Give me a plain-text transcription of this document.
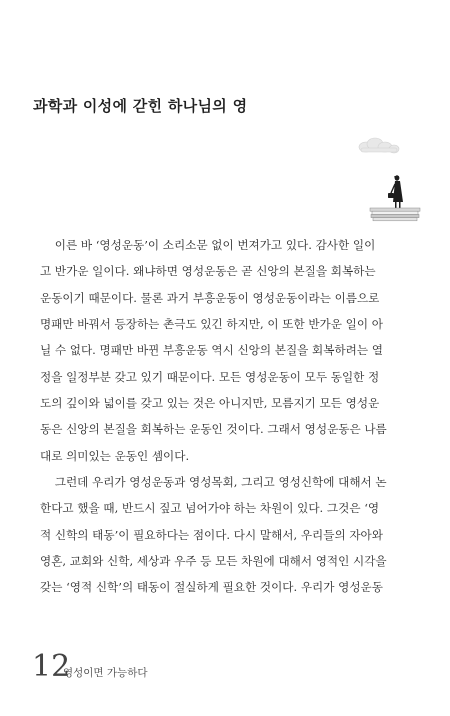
과학과 이성에 갇힌 하나님의 영
이른 바 ‘영성운동’이 소리소문 없이 번져가고 있다. 감사한 일이
고 반가운 일이다. 왜냐하면 영성운동은 곧 신앙의 본질을 회복하는
운동이기 때문이다. 물론 과거 부흥운동이 영성운동이라는 이름으로
명패만 바꿔서 등장하는 촌극도 있긴 하지만, 이 또한 반가운 일이 아
닐 수 없다. 명패만 바뀐 부흥운동 역시 신앙의 본질을 회복하려는 열
정을 일정부분 갖고 있기 때문이다. 모든 영성운동이 모두 동일한 정
도의 깊이와 넓이를 갖고 있는 것은 아니지만, 모름지기 모든 영성운
동은 신앙의 본질을 회복하는 운동인 것이다. 그래서 영성운동은 나름
대로 의미있는 운동인 셈이다.
그런데 우리가 영성운동과 영성목회, 그리고 영성신학에 대해서 논
한다고 했을 때, 반드시 짚고 넘어가야 하는 차원이 있다. 그것은 ‘영
적 신학의 태동’이 필요하다는 점이다. 다시 말해서, 우리들의 자아와
영혼, 교회와 신학, 세상과 우주 등 모든 차원에 대해서 영적인 시각을
갖는 ‘영적 신학’의 태동이 절실하게 필요한 것이다. 우리가 영성운동
12
영성이면 가능하다
